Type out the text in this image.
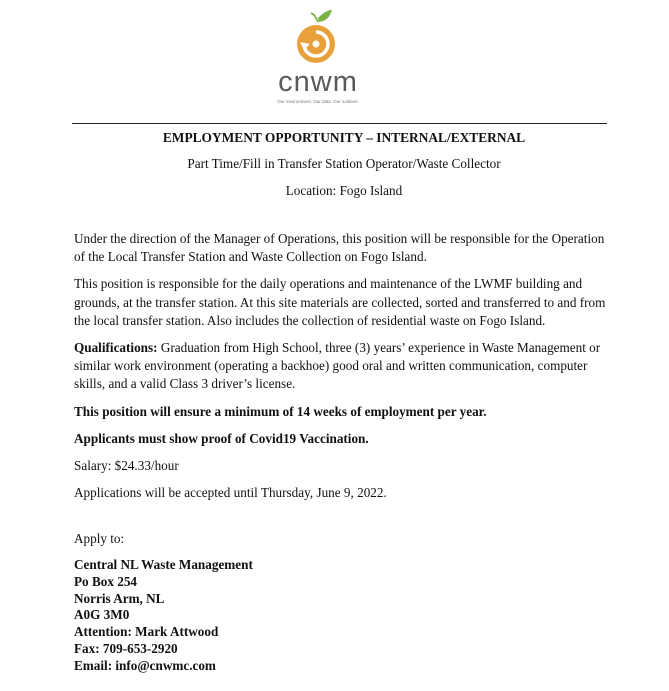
cnwm
Our environment. Our data. Our solution.

EMPLOYMENT OPPORTUNITY – INTERNAL/EXTERNAL

Part Time/Fill in Transfer Station Operator/Waste Collector

Location: Fogo Island

Under the direction of the Manager of Operations, this position will be responsible for the Operation of the Local Transfer Station and Waste Collection on Fogo Island.

This position is responsible for the daily operations and maintenance of the LWMF building and grounds, at the transfer station. At this site materials are collected, sorted and transferred to and from the local transfer station. Also includes the collection of residential waste on Fogo Island.

Qualifications: Graduation from High School, three (3) years’ experience in Waste Management or similar work environment (operating a backhoe) good oral and written communication, computer skills, and a valid Class 3 driver’s license.

This position will ensure a minimum of 14 weeks of employment per year.

Applicants must show proof of Covid19 Vaccination.

Salary: $24.33/hour

Applications will be accepted until Thursday, June 9, 2022.

Apply to:

Central NL Waste Management
Po Box 254
Norris Arm, NL
A0G 3M0
Attention: Mark Attwood
Fax: 709-653-2920
Email: info@cnwmc.com
